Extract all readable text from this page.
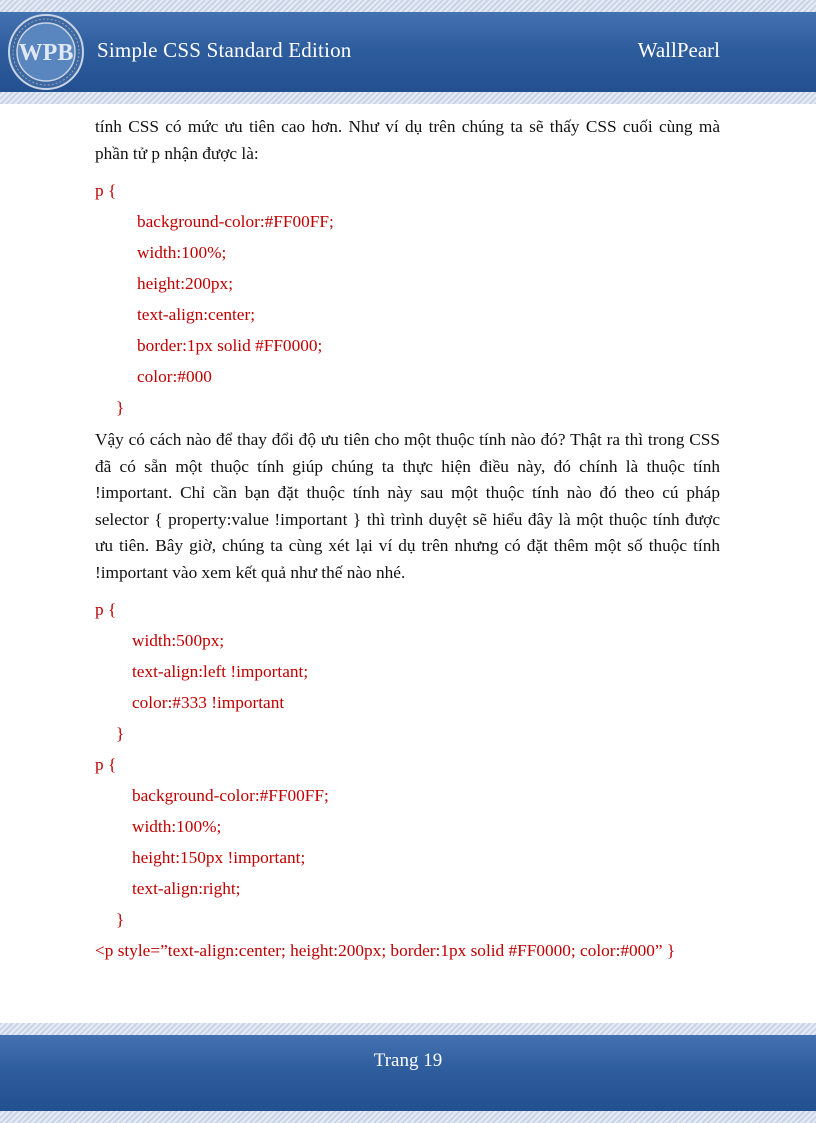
WPB Simple CSS Standard Edition	WallPearl

tính CSS có mức ưu tiên cao hơn. Như ví dụ trên chúng ta sẽ thấy CSS cuối cùng mà phần tử p nhận được là:

p {
background-color:#FF00FF;
width:100%;
height:200px;
text-align:center;
border:1px solid #FF0000;
color:#000
}

Vậy có cách nào để thay đổi độ ưu tiên cho một thuộc tính nào đó? Thật ra thì trong CSS đã có sẵn một thuộc tính giúp chúng ta thực hiện điều này, đó chính là thuộc tính !important. Chỉ cần bạn đặt thuộc tính này sau một thuộc tính nào đó theo cú pháp selector { property:value !important } thì trình duyệt sẽ hiểu đây là một thuộc tính được ưu tiên. Bây giờ, chúng ta cùng xét lại ví dụ trên nhưng có đặt thêm một số thuộc tính !important vào xem kết quả như thế nào nhé.

p {
width:500px;
text-align:left !important;
color:#333 !important
}
p {
background-color:#FF00FF;
width:100%;
height:150px !important;
text-align:right;
}
<p style=”text-align:center; height:200px; border:1px solid #FF0000; color:#000” }
Trang 19
